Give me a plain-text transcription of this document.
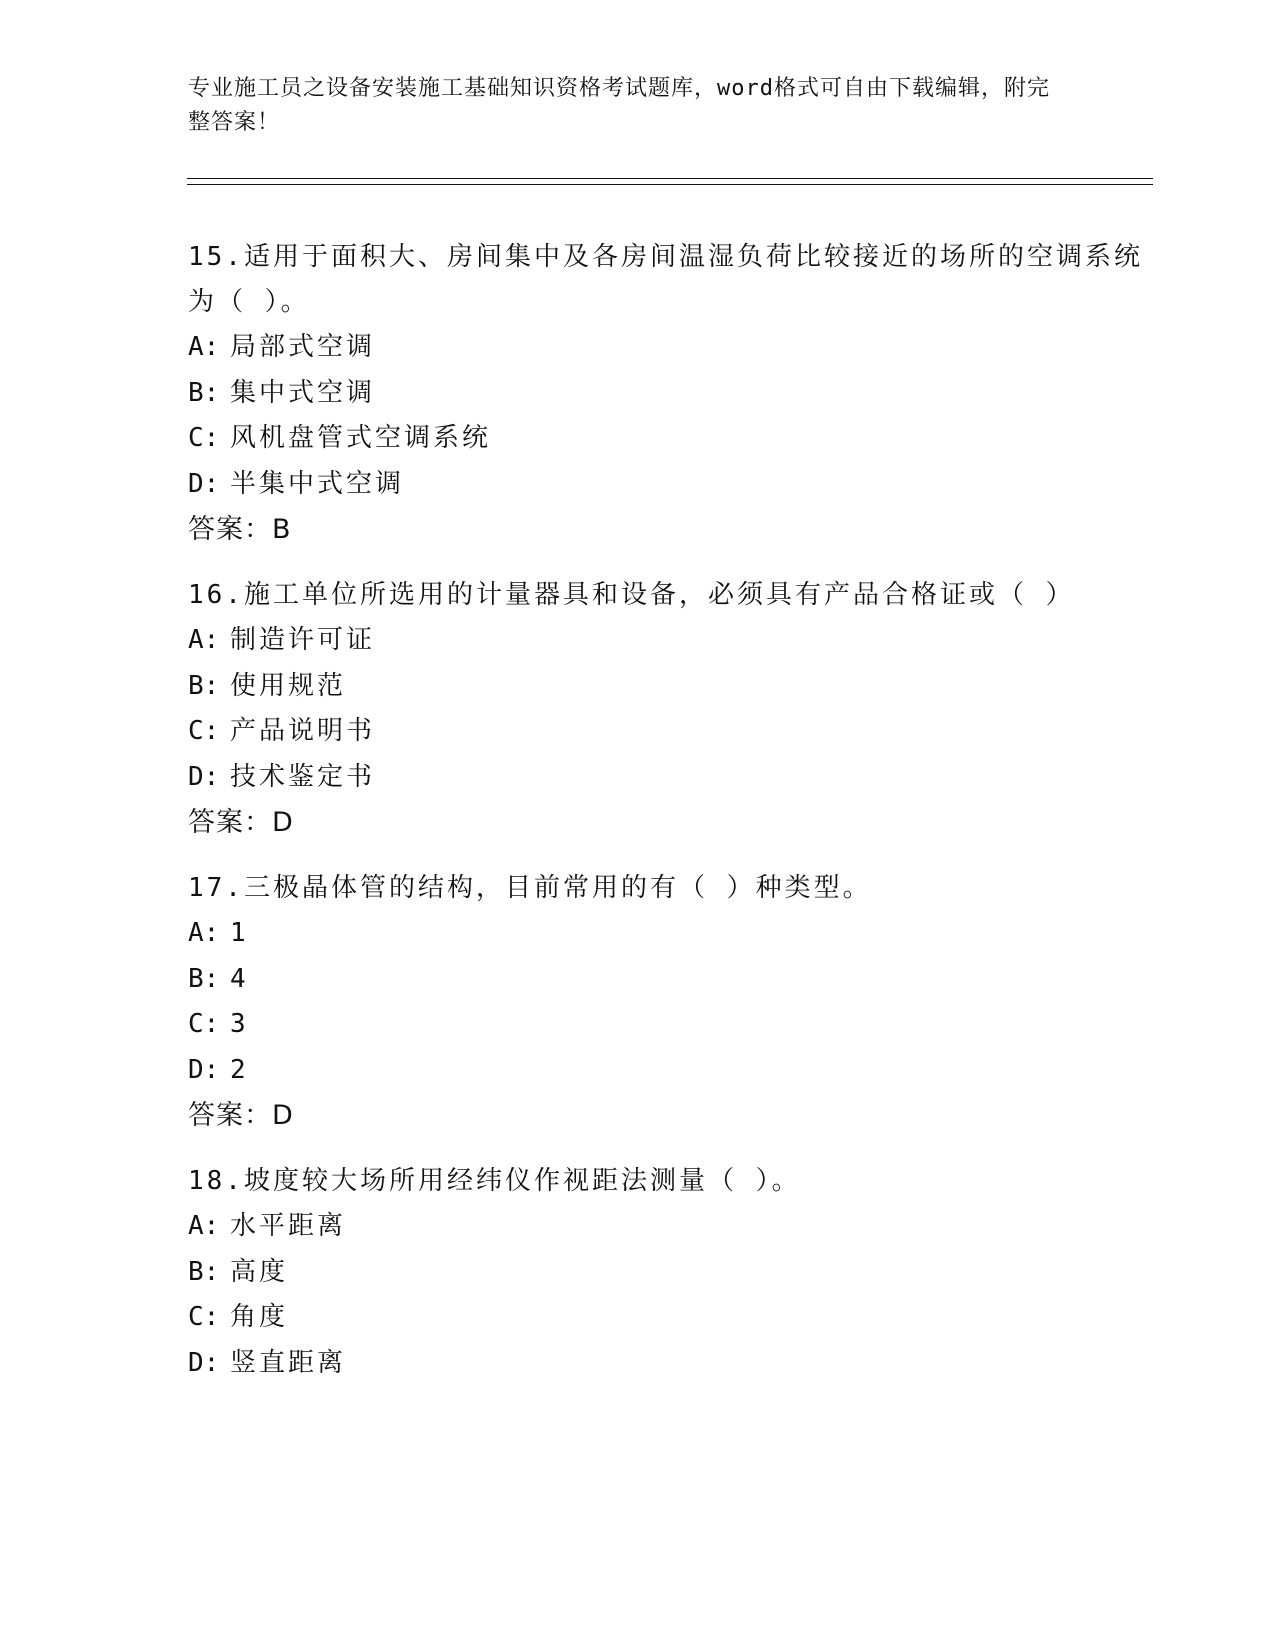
专业施工员之设备安装施工基础知识资格考试题库，word格式可自由下载编辑，附完整答案！
15.适用于面积大、房间集中及各房间温湿负荷比较接近的场所的空调系统为（ ）。
A: 局部式空调
B: 集中式空调
C: 风机盘管式空调系统
D: 半集中式空调
答案：B
16.施工单位所选用的计量器具和设备，必须具有产品合格证或（ ）
A: 制造许可证
B: 使用规范
C: 产品说明书
D: 技术鉴定书
答案：D
17.三极晶体管的结构，目前常用的有（ ）种类型。
A: 1
B: 4
C: 3
D: 2
答案：D
18.坡度较大场所用经纬仪作视距法测量（ ）。
A: 水平距离
B: 高度
C: 角度
D: 竖直距离
